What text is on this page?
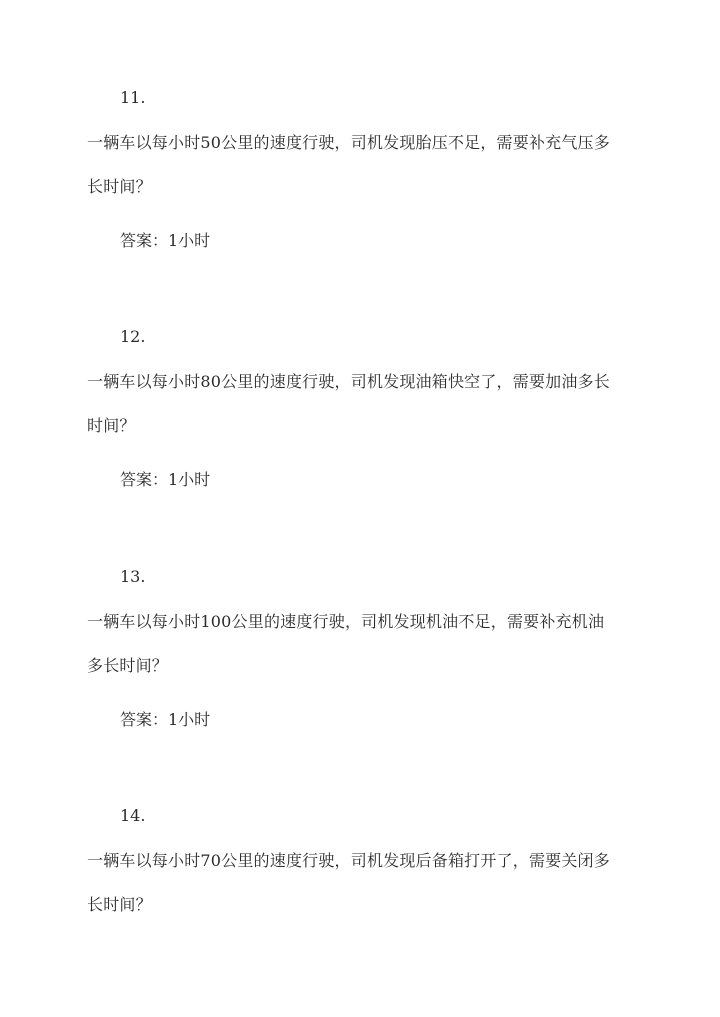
11.
一辆车以每小时50公里的速度行驶，司机发现胎压不足，需要补充气压多
长时间？
答案：1小时
12.
一辆车以每小时80公里的速度行驶，司机发现油箱快空了，需要加油多长
时间？
答案：1小时
13.
一辆车以每小时100公里的速度行驶，司机发现机油不足，需要补充机油
多长时间？
答案：1小时
14.
一辆车以每小时70公里的速度行驶，司机发现后备箱打开了，需要关闭多
长时间？
